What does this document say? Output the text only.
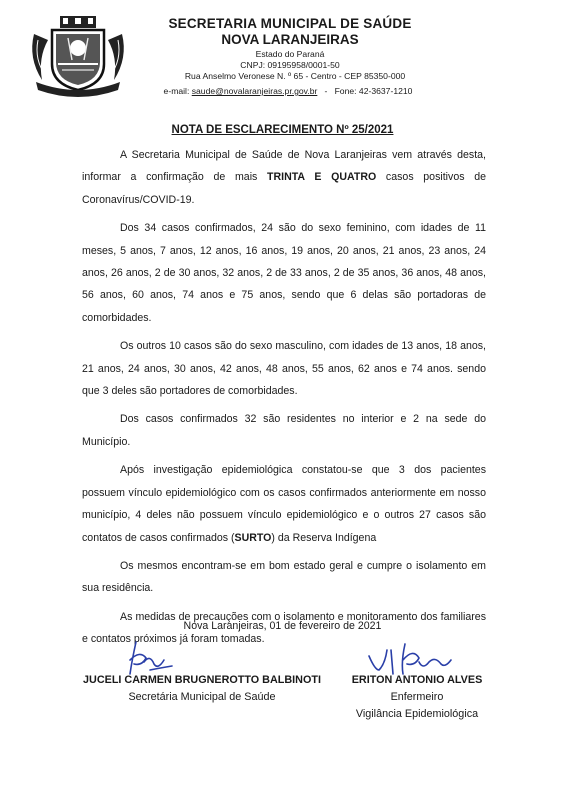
SECRETARIA MUNICIPAL DE SAÚDE
NOVA LARANJEIRAS
Estado do Paraná
CNPJ: 09195958/0001-50
Rua Anselmo Veronese N. º 65 - Centro - CEP 85350-000
e-mail: saude@novalaranjeiras.pr.gov.br - Fone: 42-3637-1210
NOTA DE ESCLARECIMENTO Nº 25/2021

A Secretaria Municipal de Saúde de Nova Laranjeiras vem através desta, informar a confirmação de mais TRINTA E QUATRO casos positivos de Coronavírus/COVID-19.

Dos 34 casos confirmados, 24 são do sexo feminino, com idades de 11 meses, 5 anos, 7 anos, 12 anos, 16 anos, 19 anos, 20 anos, 21 anos, 23 anos, 24 anos, 26 anos, 2 de 30 anos, 32 anos, 2 de 33 anos, 2 de 35 anos, 36 anos, 48 anos, 56 anos, 60 anos, 74 anos e 75 anos, sendo que 6 delas são portadoras de comorbidades.

Os outros 10 casos são do sexo masculino, com idades de 13 anos, 18 anos, 21 anos, 24 anos, 30 anos, 42 anos, 48 anos, 55 anos, 62 anos e 74 anos. sendo que 3 deles são portadores de comorbidades.

Dos casos confirmados 32 são residentes no interior e 2 na sede do Município.

Após investigação epidemiológica constatou-se que 3 dos pacientes possuem vínculo epidemiológico com os casos confirmados anteriormente em nosso município, 4 deles não possuem vínculo epidemiológico e o outros 27 casos são contatos de casos confirmados (SURTO) da Reserva Indígena

Os mesmos encontram-se em bom estado geral e cumpre o isolamento em sua residência.

As medidas de precauções com o isolamento e monitoramento dos familiares e contatos próximos já foram tomadas.

Nova Laranjeiras, 01 de fevereiro de 2021
JUCELI CARMEN BRUGNEROTTO BALBINOTI
Secretária Municipal de Saúde
ERITON ANTONIO ALVES
Enfermeiro
Vigilância Epidemiológica
